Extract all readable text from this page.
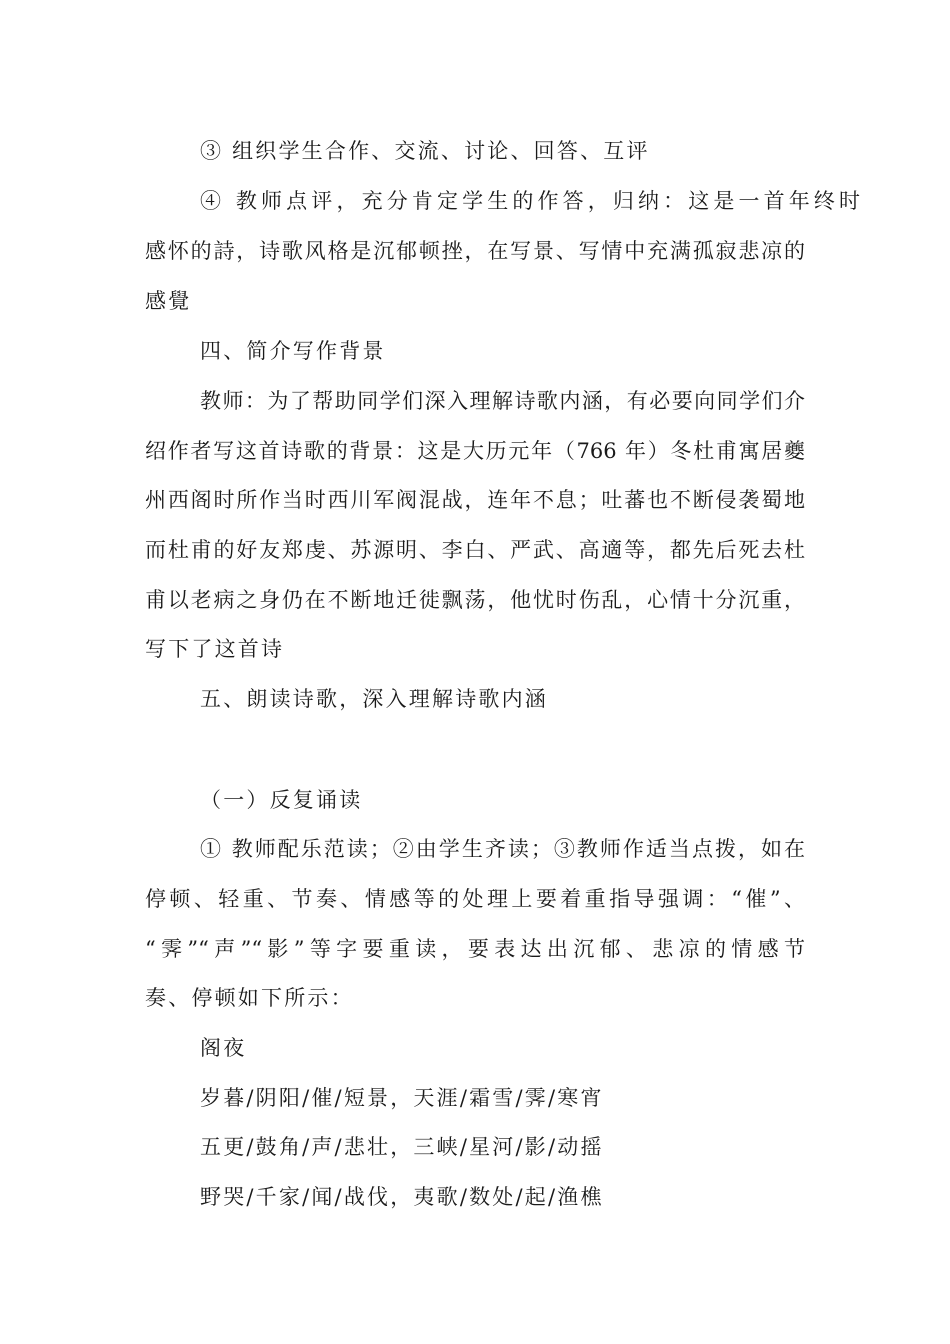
③ 组织学生合作、交流、讨论、回答、互评
④ 教师点评，充分肯定学生的作答，归纳：这是一首年终时
感怀的詩，诗歌风格是沉郁顿挫，在写景、写情中充满孤寂悲凉的
感覺
四、简介写作背景
教师：为了帮助同学们深入理解诗歌内涵，有必要向同学们介
绍作者写这首诗歌的背景：这是大历元年（766 年）冬杜甫寓居夔
州西阁时所作当时西川军阀混战，连年不息；吐蕃也不断侵袭蜀地
而杜甫的好友郑虔、苏源明、李白、严武、高適等，都先后死去杜
甫以老病之身仍在不断地迁徙飘荡，他忧时伤乱，心情十分沉重，
写下了这首诗
五、朗读诗歌，深入理解诗歌内涵
（一）反复诵读
① 教师配乐范读；②由学生齐读；③教师作适当点拨，如在
停顿、轻重、节奏、情感等的处理上要着重指导强调：“催”、
“霁”“声”“影”等字要重读，要表达出沉郁、悲凉的情感节
奏、停顿如下所示：
阁夜
岁暮/阴阳/催/短景，天涯/霜雪/霁/寒宵
五更/鼓角/声/悲壮，三峡/星河/影/动摇
野哭/千家/闻/战伐，夷歌/数处/起/渔樵
